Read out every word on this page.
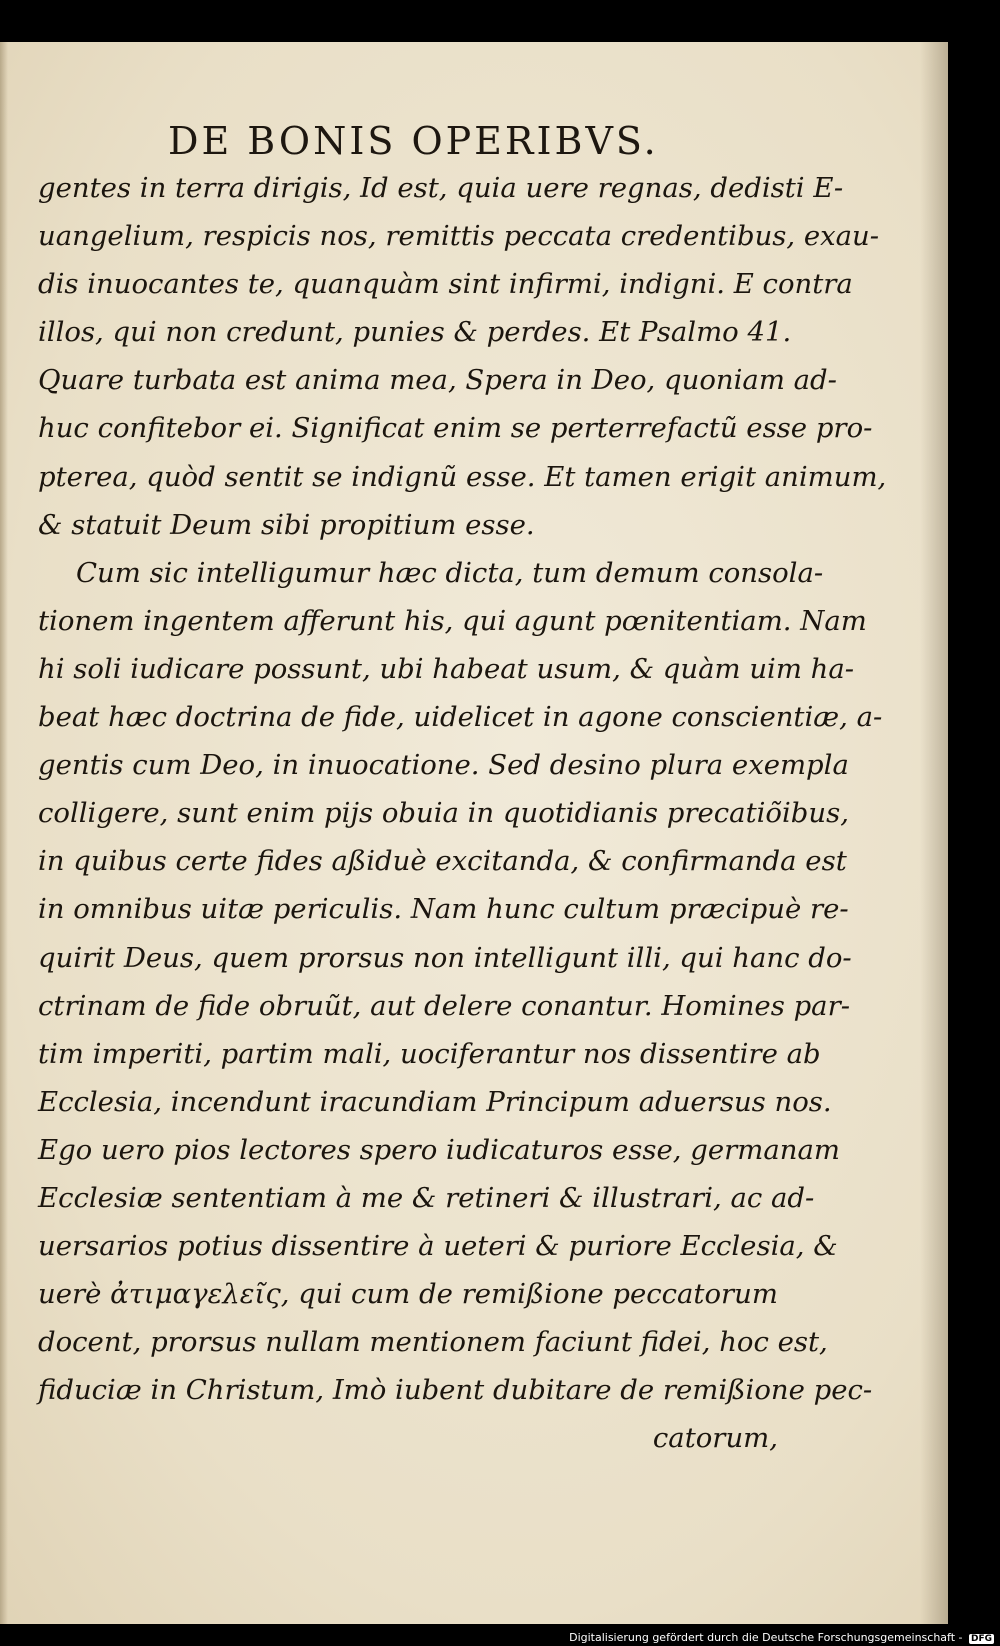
DE BONIS OPERIBVS.
gentes in terra dirigis, Id est, quia uere regnas, dedisti E-
uangelium, respicis nos, remittis peccata credentibus, exau-
dis inuocantes te, quanquàm sint infirmi, indigni. E contra
illos, qui non credunt, punies & perdes. Et Psalmo 41.
Quare turbata est anima mea, Spera in Deo, quoniam ad-
huc confitebor ei. Significat enim se perterrefactũ esse pro-
pterea, quòd sentit se indignũ esse. Et tamen erigit animum,
& statuit Deum sibi propitium esse.
Cum sic intelligumur hæc dicta, tum demum consola-
tionem ingentem afferunt his, qui agunt pœnitentiam. Nam
hi soli iudicare possunt, ubi habeat usum, & quàm uim ha-
beat hæc doctrina de fide, uidelicet in agone conscientiæ, a-
gentis cum Deo, in inuocatione. Sed desino plura exempla
colligere, sunt enim pijs obuia in quotidianis precatiõibus,
in quibus certe fides aßiduè excitanda, & confirmanda est
in omnibus uitæ periculis. Nam hunc cultum præcipuè re-
quirit Deus, quem prorsus non intelligunt illi, qui hanc do-
ctrinam de fide obruũt, aut delere conantur. Homines par-
tim imperiti, partim mali, uociferantur nos dissentire ab
Ecclesia, incendunt iracundiam Principum aduersus nos.
Ego uero pios lectores spero iudicaturos esse, germanam
Ecclesiæ sententiam à me & retineri & illustrari, ac ad-
uersarios potius dissentire à ueteri & puriore Ecclesia, &
uerè ἀτιμαγελεῖς, qui cum de remißione peccatorum
docent, prorsus nullam mentionem faciunt fidei, hoc est,
fiduciæ in Christum, Imò iubent dubitare de remißione pec-
catorum,
Digitalisierung gefördert durch die Deutsche Forschungsgemeinschaft - DFG
